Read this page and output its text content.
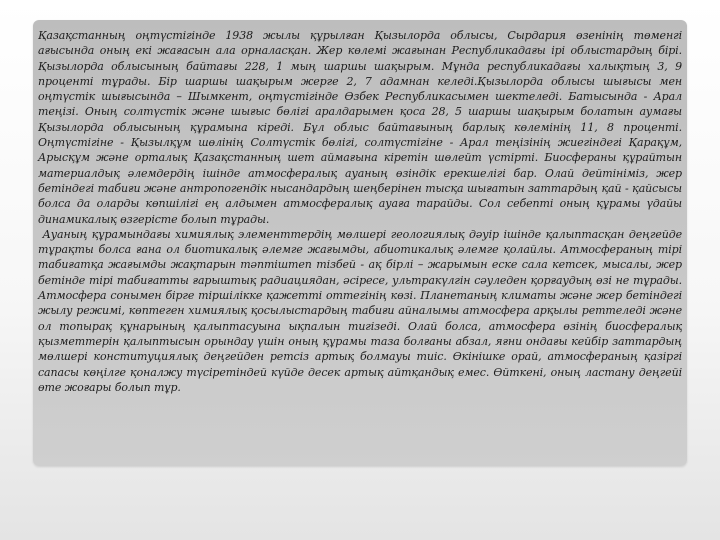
Қазақстанның оңтүстігінде 1938 жылы құрылған Қызылорда облысы, Сырдария өзенінің төменгі ағысында оның екі жағасын ала орналасқан. Жер көлемі жағынан Республикадағы ірі облыстардың бірі. Қызылорда облысының байтағы 228, 1 мың шаршы шақырым. Мұнда республикадағы халықтың 3, 9 проценті тұрады. Бір шаршы шақырым жерге 2, 7 адамнан келеді.Қызылорда облысы шығысы мен оңтүстік шығысында – Шымкент, оңтүстігінде Өзбек Республикасымен шектеледі. Батысында - Арал теңізі. Оның солтүстік және шығыс бөлігі аралдарымен қоса 28, 5 шаршы шақырым болатын аумағы Қызылорда облысының құрамына кіреді. Бұл облыс байтағының барлық көлемінің 11, 8 проценті. Оңтүстігіне - Қызылқұм шөлінің Солтүстік бөлігі, солтүстігіне - Арал теңізінің жиегіндегі Қарақұм, Арысқұм және орталық Қазақстанның шет аймағына кіретін шөлейт үстірті. Биосфераны құрайтын материалдық әлемдердің ішінде атмосфералық ауаның өзіндік ерекшелігі бар. Олай дейтініміз, жер бетіндегі табиғи және антропогендік нысандардың шеңберінен тысқа шығатын заттардың қай - қайсысы болса да оларды көпшілігі ең алдымен атмосфералық ауаға тарайды. Сол себепті оның құрамы үдайы динамикалық өзгерісте болып тұрады.
Ауаның құрамындағы химиялық элементтердің мөлшері геологиялық дәуір ішінде қалыптасқан деңгейде тұрақты болса ғана ол биотикалық әлемге жағымды, абиотикалық әлемге қолайлы. Атмосфераның тірі табиғатқа жағымды жақтарын тәптіштеп тізбей - ақ бірлі – жарымын еске сала кетсек, мысалы, жер бетінде тірі табиғатты ғарыштық радиациядан, әсіресе, ультракүлгін сәуледен қорғаудың өзі не тұрады. Атмосфера сонымен бірге тіршілікке қажетті оттегінің көзі. Планетаның климаты және жер бетіндегі жылу режимі, көптеген химиялық қосылыстардың табиғи айналымы атмосфера арқылы реттеледі және ол топырақ құнарының қалыптасуына ықпалын тигізеді. Олай болса, атмосфера өзінің биосфералық қызметтерін қалыптысын орындау үшін оның құрамы таза болғаны абзал, яғни ондағы кейбір заттардың мөлшері конституциялық деңгейден ретсіз артық болмауы тиіс. Өкінішке орай, атмосфераның қазіргі сапасы көңілге қоналжу түсіретіндей күйде десек артық айтқандық емес. Өйткені, оның ластану деңгейі өте жоғары болып тұр.
